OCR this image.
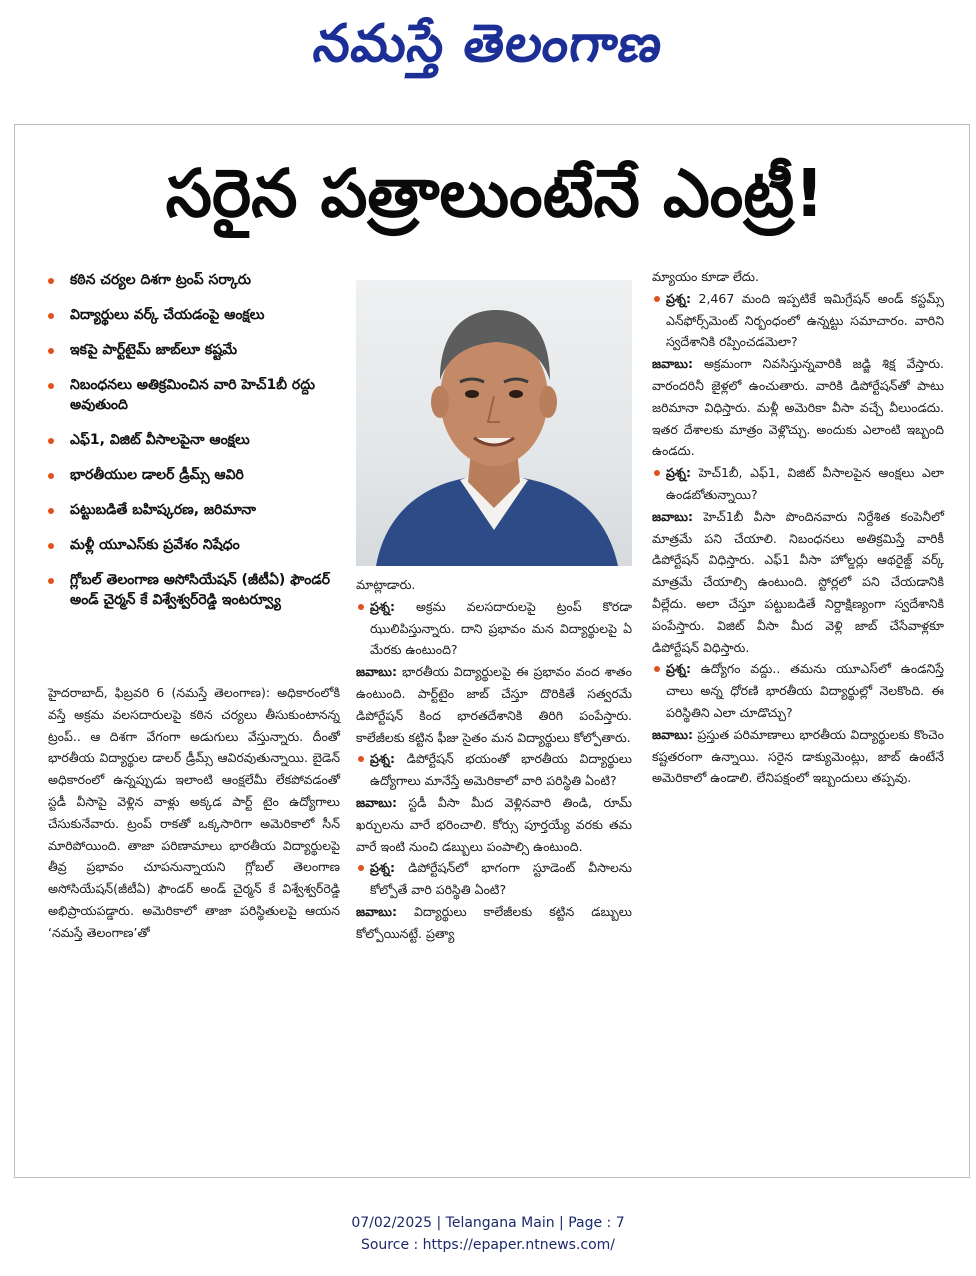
నమస్తే తెలంగాణ
సరైన పత్రాలుంటేనే ఎంట్రీ!
కఠిన చర్యల దిశగా ట్రంప్ సర్కారు
విద్యార్థులు వర్క్ చేయడంపై ఆంక్షలు
ఇకపై పార్ట్‌టైమ్ జాబ్‌లూ కష్టమే
నిబంధనలు అతిక్రమించిన వారి హెచ్1బీ రద్దు అవుతుంది
ఎఫ్1, విజిట్ వీసాలపైనా ఆంక్షలు
భారతీయుల డాలర్ డ్రీమ్స్ ఆవిరి
పట్టుబడితే బహిష్కరణ, జరిమానా
మళ్లీ యూఎస్‌కు ప్రవేశం నిషేధం
గ్లోబల్ తెలంగాణ అసోసియేషన్ (జీటీఏ) ఫౌండర్ అండ్ చైర్మన్ కే విశ్వేశ్వర్‌రెడ్డి ఇంటర్వ్యూ

హైదరాబాద్, ఫిబ్రవరి 6 (నమస్తే తెలంగాణ): అధికారంలోకి వస్తే అక్రమ వలసదారులపై కఠిన చర్యలు తీసుకుంటానన్న ట్రంప్.. ఆ దిశగా వేగంగా అడుగులు వేస్తున్నారు. దీంతో భారతీయ విద్యార్థుల డాలర్ డ్రీమ్స్ ఆవిరవుతున్నాయి. బైడెన్ అధికారంలో ఉన్నప్పుడు ఇలాంటి ఆంక్షలేమీ లేకపోవడంతో స్టడీ వీసాపై వెళ్లిన వాళ్లు అక్కడ పార్ట్ టైం ఉద్యోగాలు చేసుకునేవారు. ట్రంప్ రాకతో ఒక్కసారిగా అమెరికాలో సీన్ మారిపోయింది. తాజా పరిణామాలు భారతీయ విద్యార్థులపై తీవ్ర ప్రభావం చూపనున్నాయని గ్లోబల్ తెలంగాణ అసోసియేషన్(జీటీఏ) ఫౌండర్ అండ్ చైర్మన్ కే విశ్వేశ్వర్‌రెడ్డి అభిప్రాయపడ్డారు. అమెరికాలో తాజా పరిస్థితులపై ఆయన ‘నమస్తే తెలంగాణ’తో

మాట్లాడారు.

ప్రశ్న: అక్రమ వలసదారులపై ట్రంప్ కొరడా ఝులిపిస్తున్నారు. దాని ప్రభావం మన విద్యార్థులపై ఏ మేరకు ఉంటుంది?

జవాబు: భారతీయ విద్యార్థులపై ఈ ప్రభావం వంద శాతం ఉంటుంది. పార్ట్‌టైం జాబ్ చేస్తూ దొరికితే సత్వరమే డిపోర్టేషన్ కింద భారతదేశానికి తిరిగి పంపేస్తారు. కాలేజీలకు కట్టిన ఫీజు సైతం మన విద్యార్థులు కోల్పోతారు.

ప్రశ్న: డిపోర్టేషన్ భయంతో భారతీయ విద్యార్థులు ఉద్యోగాలు మానేస్తే అమెరికాలో వారి పరిస్థితి ఏంటి?

జవాబు: స్టడీ వీసా మీద వెళ్లినవారి తిండి, రూమ్ ఖర్చులను వారే భరించాలి. కోర్సు పూర్తయ్యే వరకు తమ వారే ఇంటి నుంచి డబ్బులు పంపాల్సి ఉంటుంది.

ప్రశ్న: డిపోర్టేషన్‌లో భాగంగా స్టూడెంట్ వీసాలను కోల్పోతే వారి పరిస్థితి ఏంటి?

జవాబు: విద్యార్థులు కాలేజీలకు కట్టిన డబ్బులు కోల్పోయినట్టే. ప్రత్యా

మ్యాయం కూడా లేదు.

ప్రశ్న: 2,467 మంది ఇప్పటికే ఇమిగ్రేషన్ అండ్ కస్టమ్స్ ఎన్‌ఫోర్స్‌మెంట్ నిర్బంధంలో ఉన్నట్టు సమాచారం. వారిని స్వదేశానికి రప్పించడమెలా?

జవాబు: అక్రమంగా నివసిస్తున్నవారికి జడ్జి శిక్ష వేస్తారు. వారందరినీ జైళ్లలో ఉంచుతారు. వారికి డిపోర్టేషన్‌తో పాటు జరిమానా విధిస్తారు. మళ్లీ అమెరికా వీసా వచ్చే వీలుండదు. ఇతర దేశాలకు మాత్రం వెళ్లొచ్చు. అందుకు ఎలాంటి ఇబ్బంది ఉండదు.

ప్రశ్న: హెచ్1బీ, ఎఫ్1, విజిట్ వీసాలపైన ఆంక్షలు ఎలా ఉండబోతున్నాయి?

జవాబు: హెచ్1బీ వీసా పొందినవారు నిర్దేశిత కంపెనీలో మాత్రమే పని చేయాలి. నిబంధనలు అతిక్రమిస్తే వారికీ డిపోర్టేషన్ విధిస్తారు. ఎఫ్1 వీసా హోల్డర్లు ఆథరైజ్డ్ వర్క్ మాత్రమే చేయాల్సి ఉంటుంది. స్టోర్లలో పని చేయడానికి వీల్లేదు. అలా చేస్తూ పట్టుబడితే నిర్దాక్షిణ్యంగా స్వదేశానికి పంపేస్తారు. విజిట్ వీసా మీద వెళ్లి జాబ్ చేసేవాళ్లకూ డిపోర్టేషన్ విధిస్తారు.

ప్రశ్న: ఉద్యోగం వద్దు.. తమను యూఎస్‌లో ఉండనిస్తే చాలు అన్న ధోరణి భారతీయ విద్యార్థుల్లో నెలకొంది. ఈ పరిస్థితిని ఎలా చూడొచ్చు?

జవాబు: ప్రస్తుత పరిమాణాలు భారతీయ విద్యార్థులకు కొంచెం కష్టతరంగా ఉన్నాయి. సరైన డాక్యుమెంట్లు, జాబ్ ఉంటేనే అమెరికాలో ఉండాలి. లేనిపక్షంలో ఇబ్బందులు తప్పవు.

07/02/2025 | Telangana Main | Page : 7
Source : https://epaper.ntnews.com/
